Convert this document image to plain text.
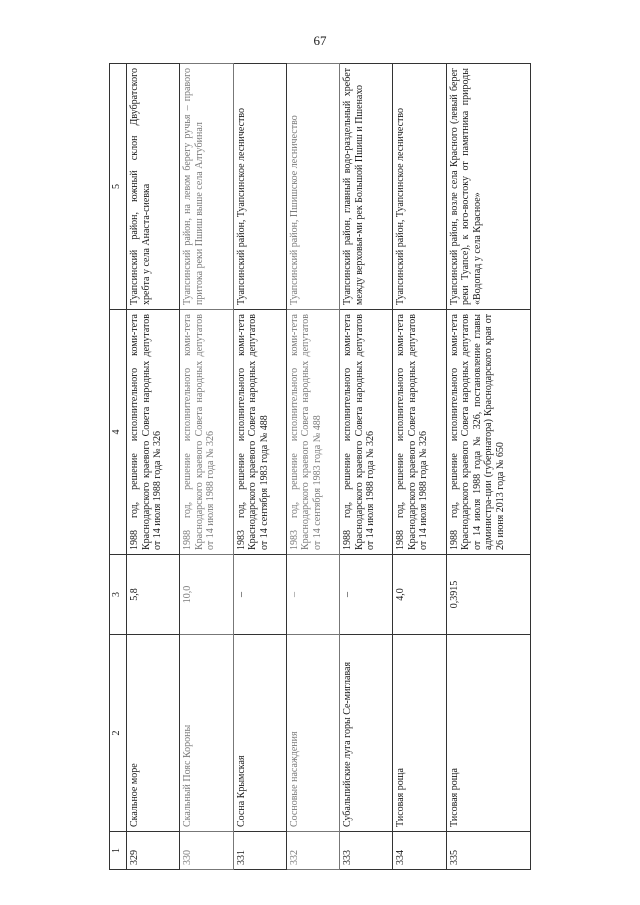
67
1	2	3	4	5
329	Скальное море	5,8	1988 год, решение исполнительного коми-тета Краснодарского краевого Совета народных депутатов от 14 июля 1988 года № 326	Туапсинский район, южный склон Двубратского хребта у села Анаста-сиевка
330	Скальный Пояс Короны	10,0	1988 год, решение исполнительного коми-тета Краснодарского краевого Совета народных депутатов от 14 июля 1988 года № 326	Туапсинский район, на левом берегу ручья – правого притока реки Пшиш выше села Алтубинал
331	Сосна Крымская	–	1983 год, решение исполнительного коми-тета Краснодарского краевого Совета народных депутатов от 14 сентября 1983 года № 488	Туапсинский район, Туапсинское лесничество
332	Сосновые насаждения	–	1983 год, решение исполнительного коми-тета Краснодарского краевого Совета народных депутатов от 14 сентября 1983 года № 488	Туапсинский район, Пшишское лесничество
333	Субальпийские луга горы Се-миглавая	–	1988 год, решение исполнительного коми-тета Краснодарского краевого Совета народных депутатов от 14 июля 1988 года № 326	Туапсинский район, главный водо-раздельный хребет между верховья-ми рек Большой Пшиш и Пшенахо
334	Тисовая роща	4,0	1988 год, решение исполнительного коми-тета Краснодарского краевого Совета народных депутатов от 14 июля 1988 года № 326	Туапсинский район, Туапсинское лесничество
335	Тисовая роща	0,3915	1988 год, решение исполнительного коми-тета Краснодарского краевого Совета народных депутатов от 14 июля 1988 года № 326, постановление главы администра-ции (губернатора) Краснодарского края от 26 июня 2013 года № 650	Туапсинский район, возле села Красного (левый берег реки Туапсе), к юго-востоку от памятника природы «Водопад у села Красное»
